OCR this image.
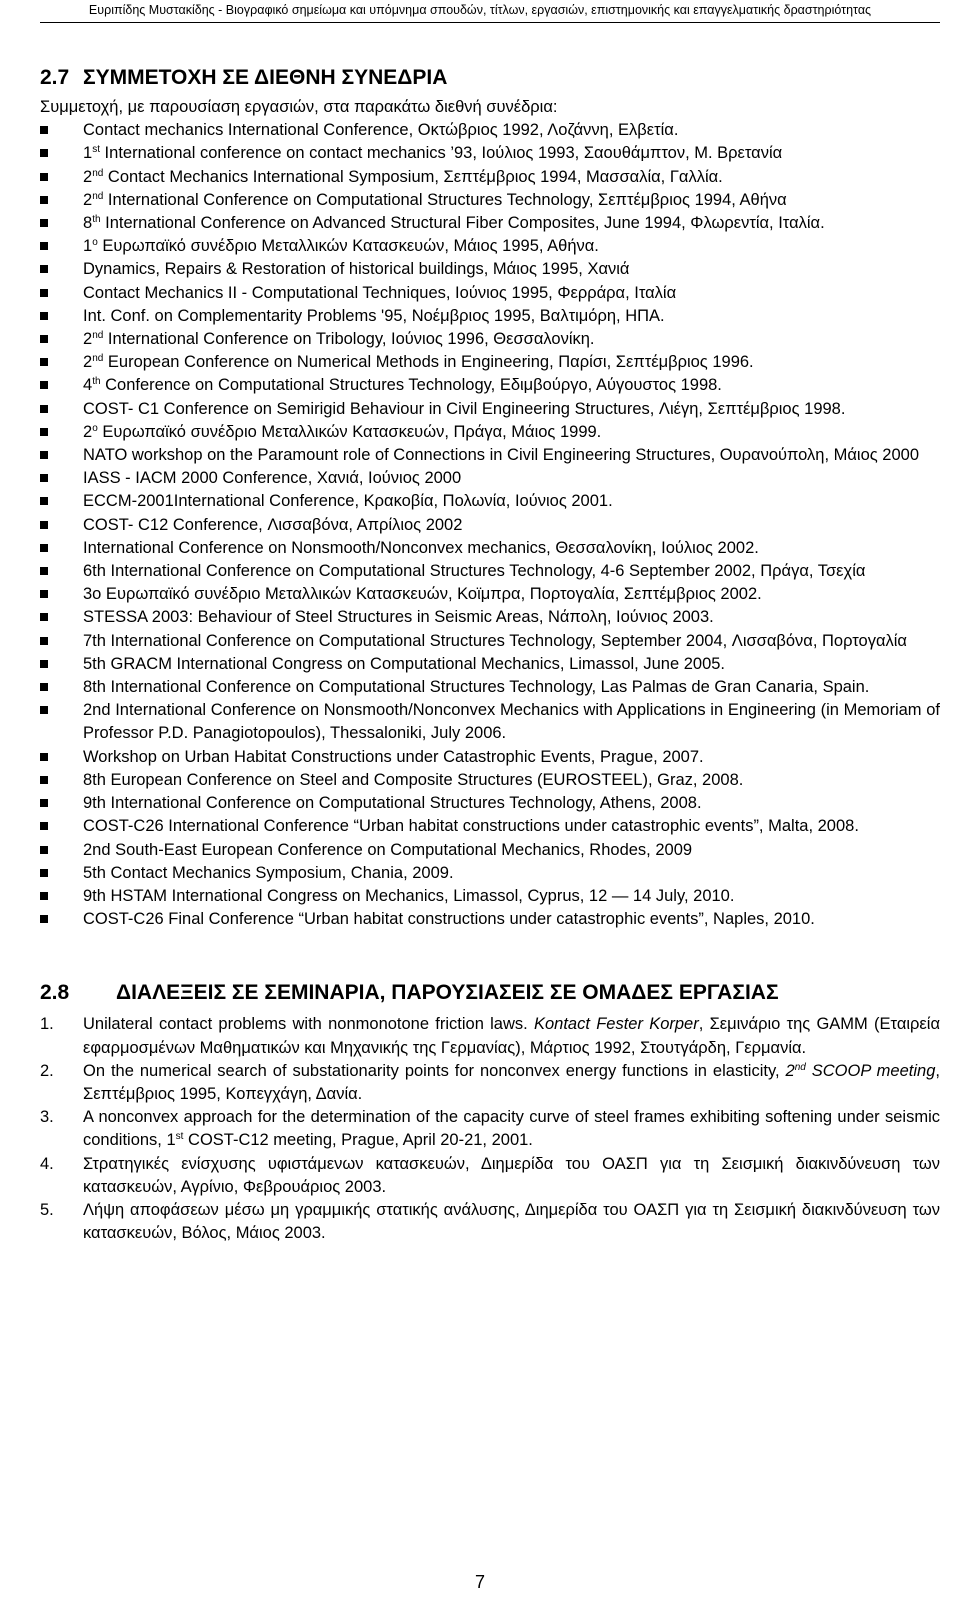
Ευριπίδης Μυστακίδης - Βιογραφικό σημείωμα και υπόμνημα σπουδών, τίτλων, εργασιών, επιστημονικής και επαγγελματικής δραστηριότητας
2.7 ΣΥΜΜΕΤΟΧΗ ΣΕ ΔΙΕΘΝΗ ΣΥΝΕΔΡΙΑ
Συμμετοχή, με παρουσίαση εργασιών, στα παρακάτω διεθνή συνέδρια:
Contact mechanics International Conference, Οκτώβριος 1992, Λοζάννη, Ελβετία.
1st International conference on contact mechanics ’93, Ιούλιος 1993, Σαουθάμπτον, Μ. Βρετανία
2nd Contact Mechanics International Symposium, Σεπτέμβριος 1994, Μασσαλία, Γαλλία.
2nd International Conference on Computational Structures Technology, Σεπτέμβριος 1994, Αθήνα
8th International Conference on Advanced Structural Fiber Composites, June 1994, Φλωρεντία, Ιταλία.
$1^o$ Ευρωπαϊκό συνέδριο Μεταλλικών Κατασκευών, Μάιος 1995, Αθήνα.
Dynamics, Repairs & Restoration of historical buildings, Μάιος 1995, Χανιά
Contact Mechanics II - Computational Techniques, Ιούνιος 1995, Φερράρα, Ιταλία
Int. Conf. on Complementarity Problems '95, Νοέμβριος 1995, Βαλτιμόρη, ΗΠΑ.
2nd International Conference on Tribology, Ιούνιος 1996, Θεσσαλονίκη.
2nd European Conference on Numerical Methods in Engineering, Παρίσι, Σεπτέμβριος 1996.
4th Conference on Computational Structures Technology, Εδιμβούργο, Αύγουστος 1998.
COST- C1 Conference on Semirigid Behaviour in Civil Engineering Structures, Λιέγη, Σεπτέμβριος 1998.
$2^o$ Ευρωπαϊκό συνέδριο Μεταλλικών Κατασκευών, Πράγα, Μάιος 1999.
NATO workshop on the Paramount role of Connections in Civil Engineering Structures, Ουρανούπολη, Μάιος 2000
IASS - IACM 2000 Conference, Χανιά, Ιούνιος 2000
ECCM-2001International Conference, Κρακοβία, Πολωνία, Ιούνιος 2001.
COST- C12 Conference, Λισσαβόνα, Απρίλιος 2002
International Conference on Nonsmooth/Nonconvex mechanics, Θεσσαλονίκη, Ιούλιος 2002.
6th International Conference on Computational Structures Technology, 4-6 September 2002, Πράγα, Τσεχία
3ο Ευρωπαϊκό συνέδριο Μεταλλικών Κατασκευών, Κοϊμπρα, Πορτογαλία, Σεπτέμβριος 2002.
STESSA 2003: Behaviour of Steel Structures in Seismic Areas, Νάπολη, Ιούνιος 2003.
7th International Conference on Computational Structures Technology, September 2004, Λισσαβόνα, Πορτογαλία
5th GRACM International Congress on Computational Mechanics, Limassol, June 2005.
8th International Conference on Computational Structures Technology, Las Palmas de Gran Canaria, Spain.
2nd International Conference on Nonsmooth/Nonconvex Mechanics with Applications in Engineering (in Memoriam of Professor P.D. Panagiotopoulos), Thessaloniki, July 2006.
Workshop on Urban Habitat Constructions under Catastrophic Events, Prague, 2007.
8th European Conference on Steel and Composite Structures (EUROSTEEL), Graz, 2008.
9th International Conference on Computational Structures Technology, Athens, 2008.
COST-C26 International Conference “Urban habitat constructions under catastrophic events”, Malta, 2008.
2nd South-East European Conference on Computational Mechanics, Rhodes, 2009
5th Contact Mechanics Symposium, Chania, 2009.
9th HSTAM International Congress on Mechanics, Limassol, Cyprus, 12 — 14 July, 2010.
COST-C26 Final Conference “Urban habitat constructions under catastrophic events”, Naples, 2010.
2.8	ΔΙΑΛΕΞΕΙΣ ΣΕ ΣΕΜΙΝΑΡΙΑ, ΠΑΡΟΥΣΙΑΣΕΙΣ ΣΕ ΟΜΑΔΕΣ ΕΡΓΑΣΙΑΣ
1. Unilateral contact problems with nonmonotone friction laws. Kontact Fester Korper, Σεμινάριο της GAMM (Εταιρεία εφαρμοσμένων Μαθηματικών και Μηχανικής της Γερμανίας), Μάρτιος 1992, Στουτγάρδη, Γερμανία.
2. On the numerical search of substationarity points for nonconvex energy functions in elasticity, 2nd SCOOP meeting, Σεπτέμβριος 1995, Κοπεγχάγη, Δανία.
3. A nonconvex approach for the determination of the capacity curve of steel frames exhibiting softening under seismic conditions, 1st COST-C12 meeting, Prague, April 20-21, 2001.
4. Στρατηγικές ενίσχυσης υφιστάμενων κατασκευών, Διημερίδα του ΟΑΣΠ για τη Σεισμική διακινδύνευση των κατασκευών, Αγρίνιο, Φεβρουάριος 2003.
5. Λήψη αποφάσεων μέσω μη γραμμικής στατικής ανάλυσης, Διημερίδα του ΟΑΣΠ για τη Σεισμική διακινδύνευση των κατασκευών, Βόλος, Μάιος 2003.
7
